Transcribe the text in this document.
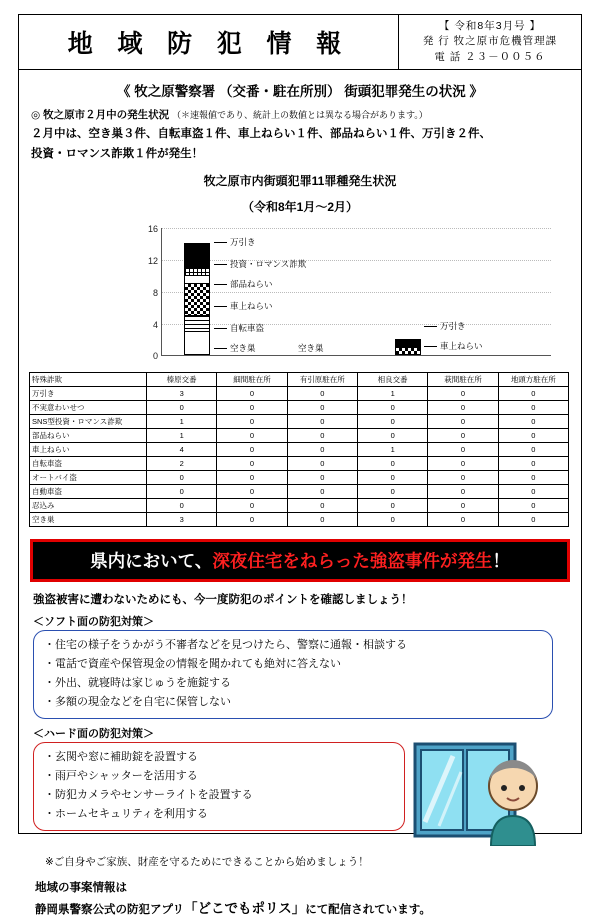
地 域 防 犯 情 報
【 令和8年3月号 】
発 行 牧之原市危機管理課
電 話 ２３－００５６
《 牧之原警察署 （交番・駐在所別） 街頭犯罪発生の状況 》
◎ 牧之原市２月中の発生状況 （＊速報値であり、統計上の数値とは異なる場合があります。）
２月中は、空き巣３件、自転車盗１件、車上ねらい１件、部品ねらい１件、万引き２件、
投資・ロマンス詐欺１件が発生！
牧之原市内街頭犯罪11罪種発生状況
（令和8年1月～2月）
16
12
8
4
0
万引き
投資・ロマンス詐欺
部品ねらい
車上ねらい
自転車盗
空き巣	空き巣
万引き
車上ねらい
特殊詐欺	榛原交番	細間駐在所	有引原駐在所	相良交番	萩間駐在所	地頭方駐在所
万引き	3	0	0	1	0	0
不実意わいせつ	0	0	0	0	0	0
SNS型投資・ロマンス詐欺	1	0	0	0	0	0
部品ねらい	1	0	0	0	0	0
車上ねらい	4	0	0	1	0	0
自転車盗	2	0	0	0	0	0
オートバイ盗	0	0	0	0	0	0
自動車盗	0	0	0	0	0	0
忍込み	0	0	0	0	0	0
空き巣	3	0	0	0	0	0
県内において、深夜住宅をねらった強盗事件が発生！
強盗被害に遭わないためにも、今一度防犯のポイントを確認しましょう！
＜ソフト面の防犯対策＞
・住宅の様子をうかがう不審者などを見つけたら、警察に通報・相談する
・電話で資産や保管現金の情報を聞かれても絶対に答えない
・外出、就寝時は家じゅうを施錠する
・多額の現金などを自宅に保管しない
＜ハード面の防犯対策＞
・玄関や窓に補助錠を設置する
・雨戸やシャッターを活用する
・防犯カメラやセンサーライトを設置する
・ホームセキュリティを利用する
※ご自身やご家族、財産を守るためにできることから始めましょう！
地域の事案情報は
静岡県警察公式の防犯アプリ「どこでもポリス」にて配信されています。
